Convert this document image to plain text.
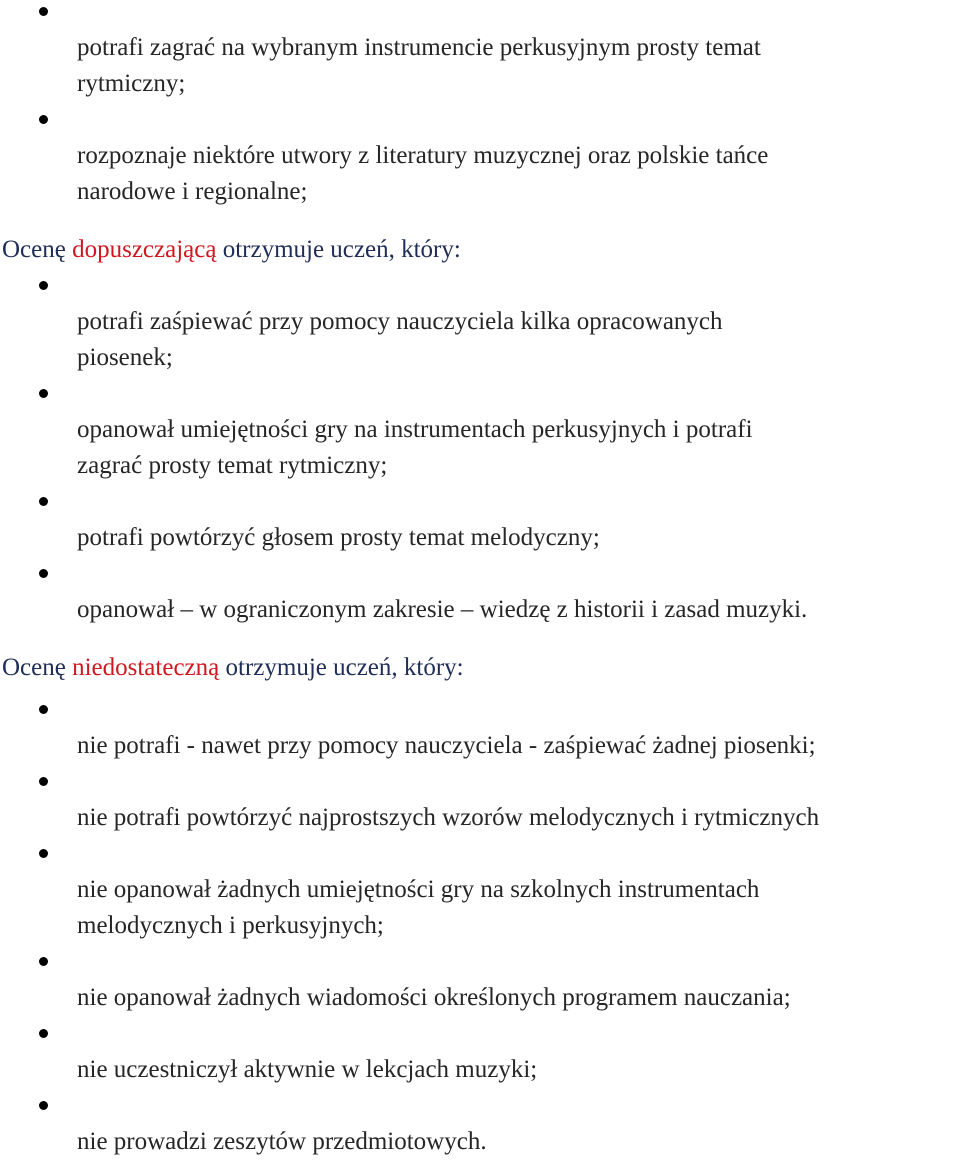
potrafi zagrać na wybranym instrumencie perkusyjnym prosty temat
rytmiczny;

rozpoznaje niektóre utwory z literatury muzycznej oraz polskie tańce
narodowe i regionalne;

Ocenę dopuszczającą otrzymuje uczeń, który:

potrafi zaśpiewać przy pomocy nauczyciela kilka opracowanych
piosenek;

opanował umiejętności gry na instrumentach perkusyjnych i potrafi
zagrać prosty temat rytmiczny;

potrafi powtórzyć głosem prosty temat melodyczny;

opanował – w ograniczonym zakresie – wiedzę z historii i zasad muzyki.

Ocenę niedostateczną otrzymuje uczeń, który:

nie potrafi - nawet przy pomocy nauczyciela - zaśpiewać żadnej piosenki;

nie potrafi powtórzyć najprostszych wzorów melodycznych i rytmicznych

nie opanował żadnych umiejętności gry na szkolnych instrumentach
melodycznych i perkusyjnych;

nie opanował żadnych wiadomości określonych programem nauczania;

nie uczestniczył aktywnie w lekcjach muzyki;

nie prowadzi zeszytów przedmiotowych.
